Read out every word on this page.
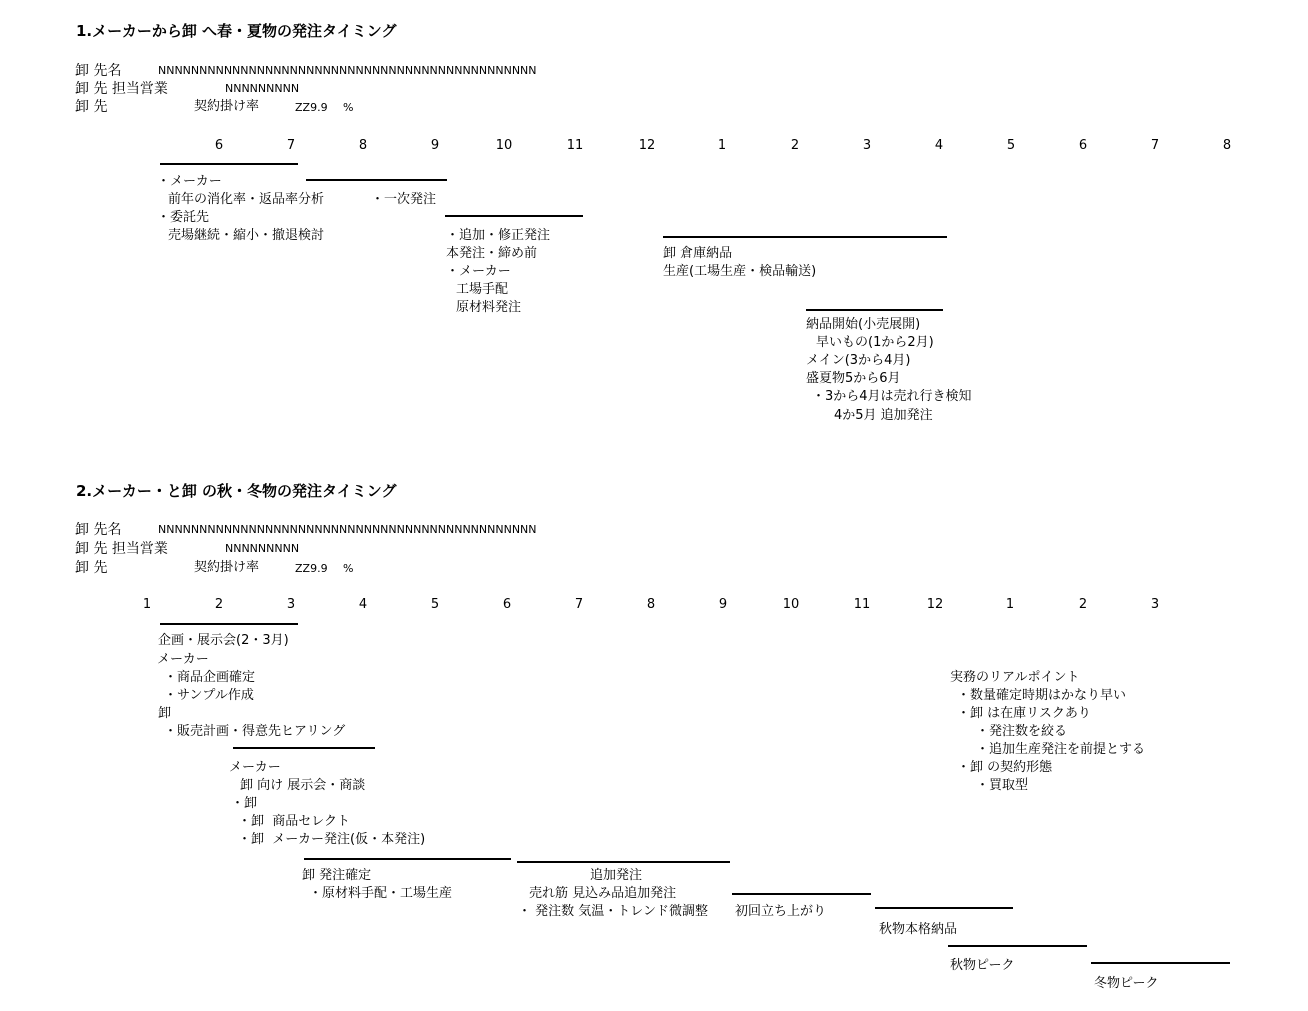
1.メーカーから卸 へ春・夏物の発注タイミング
卸 先名	NNNNNNNNNNNNNNNNNNNNNNNNNNNNNNNNNNNNNNNNNNNNNN
卸 先 担当営業	NNNNNNNNN
卸 先	契約掛け率	ZZ9.9 %
6	7	8	9	10	11	12	1	2	3	4	5	6	7	8
・メーカー
前年の消化率・返品率分析	・一次発注
・委託先
売場継続・縮小・撤退検討	・追加・修正発注
本発注・締め前
・メーカー
工場手配
原材料発注
卸 倉庫納品
生産(工場生産・検品輸送)
納品開始(小売展開)
早いもの(1から2月)
メイン(3から4月)
盛夏物5から6月
・3から4月は売れ行き検知
4か5月 追加発注
2.メーカー・と卸 の秋・冬物の発注タイミング
卸 先名	NNNNNNNNNNNNNNNNNNNNNNNNNNNNNNNNNNNNNNNNNNNNNN
卸 先 担当営業	NNNNNNNNN
卸 先	契約掛け率	ZZ9.9 %
1	2	3	4	5	6	7	8	9	10	11	12	1	2	3
企画・展示会(2・3月)
メーカー
・商品企画確定
・サンプル作成
卸
・販売計画・得意先ヒアリング
メーカー
卸 向け 展示会・商談
・卸
・卸  商品セレクト
・卸  メーカー発注(仮・本発注)
卸 発注確定
・原材料手配・工場生産
追加発注
売れ筋 見込み品追加発注
・ 発注数 気温・トレンド微調整 初回立ち上がり
秋物本格納品
秋物ピーク
冬物ピーク
実務のリアルポイント
・数量確定時期はかなり早い
・卸 は在庫リスクあり
・発注数を絞る
・追加生産発注を前提とする
・卸 の契約形態
・買取型
